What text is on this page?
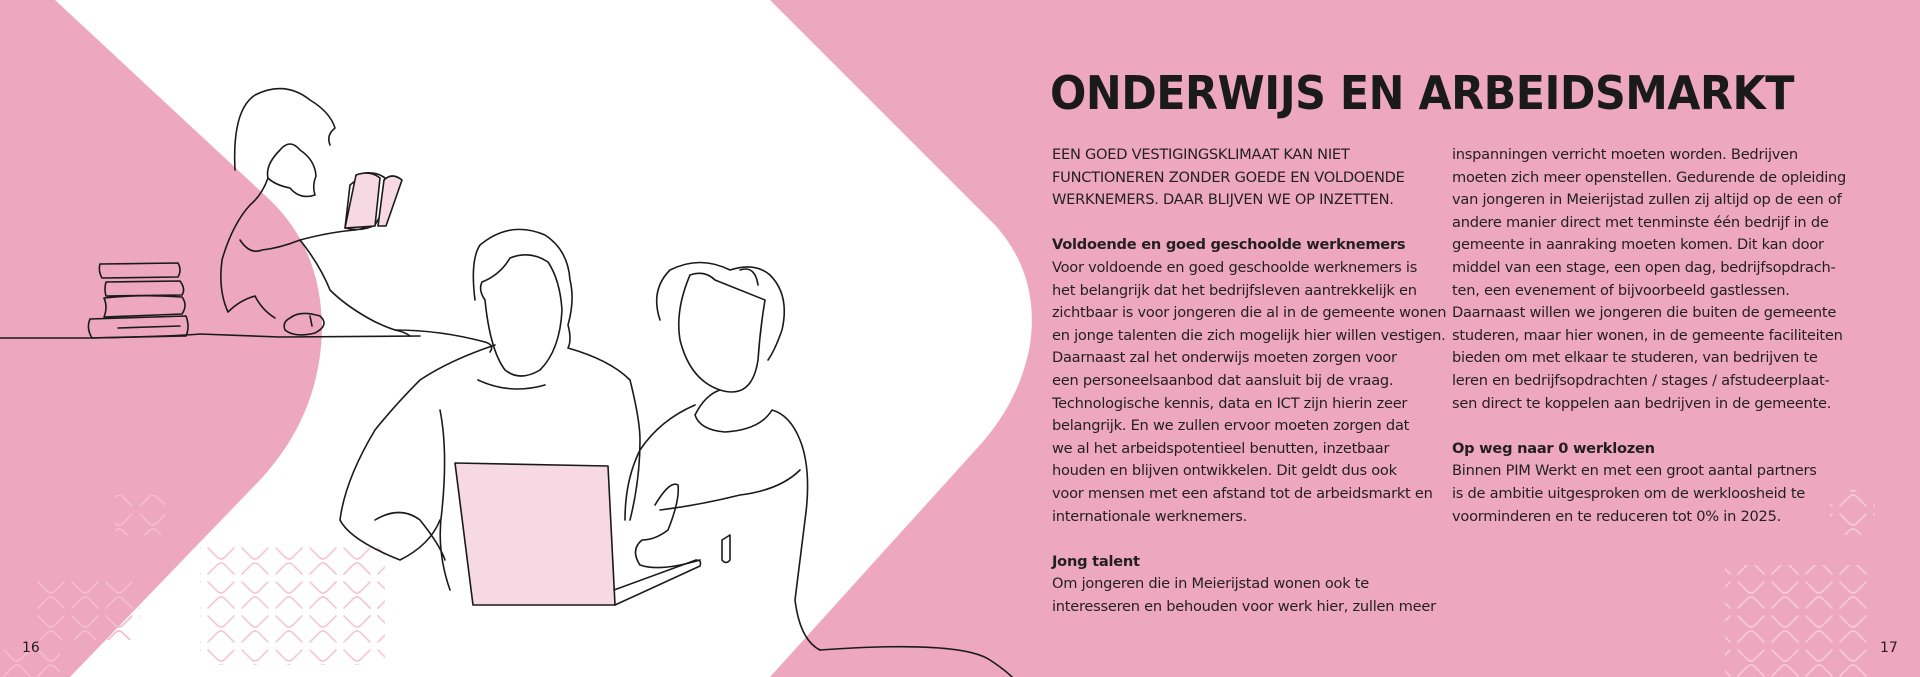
ONDERWIJS EN ARBEIDSMARKT

EEN GOED VESTIGINGSKLIMAAT KAN NIET
FUNCTIONEREN ZONDER GOEDE EN VOLDOENDE
WERKNEMERS. DAAR BLIJVEN WE OP INZETTEN.

Voldoende en goed geschoolde werknemers

Voor voldoende en goed geschoolde werknemers is
het belangrijk dat het bedrijfsleven aantrekkelijk en
zichtbaar is voor jongeren die al in de gemeente wonen
en jonge talenten die zich mogelijk hier willen vestigen.
Daarnaast zal het onderwijs moeten zorgen voor
een personeelsaanbod dat aansluit bij de vraag.
Technologische kennis, data en ICT zijn hierin zeer
belangrijk. En we zullen ervoor moeten zorgen dat
we al het arbeidspotentieel benutten, inzetbaar
houden en blijven ontwikkelen. Dit geldt dus ook
voor mensen met een afstand tot de arbeidsmarkt en
internationale werknemers.

Jong talent

Om jongeren die in Meierijstad wonen ook te
interesseren en behouden voor werk hier, zullen meer

inspanningen verricht moeten worden. Bedrijven
moeten zich meer openstellen. Gedurende de opleiding
van jongeren in Meierijstad zullen zij altijd op de een of
andere manier direct met tenminste één bedrijf in de
gemeente in aanraking moeten komen. Dit kan door
middel van een stage, een open dag, bedrijfsopdrach-
ten, een evenement of bijvoorbeeld gastlessen.
Daarnaast willen we jongeren die buiten de gemeente
studeren, maar hier wonen, in de gemeente faciliteiten
bieden om met elkaar te studeren, van bedrijven te
leren en bedrijfsopdrachten / stages / afstudeerplaat-
sen direct te koppelen aan bedrijven in de gemeente.

Op weg naar 0 werklozen

Binnen PIM Werkt en met een groot aantal partners
is de ambitie uitgesproken om de werkloosheid te
voorminderen en te reduceren tot 0% in 2025.

16	17
